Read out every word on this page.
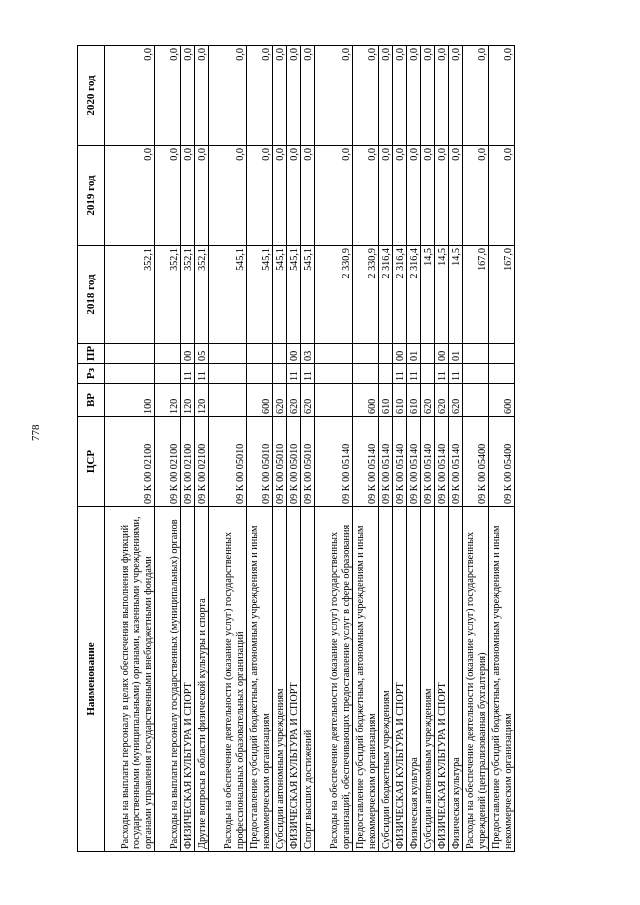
778
Наименование	ЦСР	ВР	Рз	ПР	2018 год	2019 год	2020 год
Расходы на выплаты персоналу в целях обеспечения выполнения функций государственными (муниципальными) органами, казенными учреждениями, органами управления государственными внебюджетными фондами	09 К 00 02100	100			352,1	0,0	0,0
Расходы на выплаты персоналу государственных (муниципальных) органов	09 К 00 02100	120			352,1	0,0	0,0
ФИЗИЧЕСКАЯ КУЛЬТУРА И СПОРТ	09 К 00 02100	120	11	00	352,1	0,0	0,0
Другие вопросы в области физической культуры и спорта	09 К 00 02100	120	11	05	352,1	0,0	0,0
Расходы на обеспечение деятельности (оказание услуг) государственных профессиональных образовательных организаций	09 К 00 05010				545,1	0,0	0,0
Предоставление субсидий бюджетным, автономным учреждениям и иным некоммерческим организациям	09 К 00 05010	600			545,1	0,0	0,0
Субсидии автономным учреждениям	09 К 00 05010	620			545,1	0,0	0,0
ФИЗИЧЕСКАЯ КУЛЬТУРА И СПОРТ	09 К 00 05010	620	11	00	545,1	0,0	0,0
Спорт высших достижений	09 К 00 05010	620	11	03	545,1	0,0	0,0
Расходы на обеспечение деятельности (оказание услуг) государственных организаций, обеспечивающих предоставление услуг в сфере образования	09 К 00 05140				2 330,9	0,0	0,0
Предоставление субсидий бюджетным, автономным учреждениям и иным некоммерческим организациям	09 К 00 05140	600			2 330,9	0,0	0,0
Субсидии бюджетным учреждениям	09 К 00 05140	610			2 316,4	0,0	0,0
ФИЗИЧЕСКАЯ КУЛЬТУРА И СПОРТ	09 К 00 05140	610	11	00	2 316,4	0,0	0,0
Физическая культура	09 К 00 05140	610	11	01	2 316,4	0,0	0,0
Субсидии автономным учреждениям	09 К 00 05140	620			14,5	0,0	0,0
ФИЗИЧЕСКАЯ КУЛЬТУРА И СПОРТ	09 К 00 05140	620	11	00	14,5	0,0	0,0
Физическая культура	09 К 00 05140	620	11	01	14,5	0,0	0,0
Расходы на обеспечение деятельности (оказание услуг) государственных учреждений (централизованная бухгалтерия)	09 К 00 05400				167,0	0,0	0,0
Предоставление субсидий бюджетным, автономным учреждениям и иным некоммерческим организациям	09 К 00 05400	600			167,0	0,0	0,0
